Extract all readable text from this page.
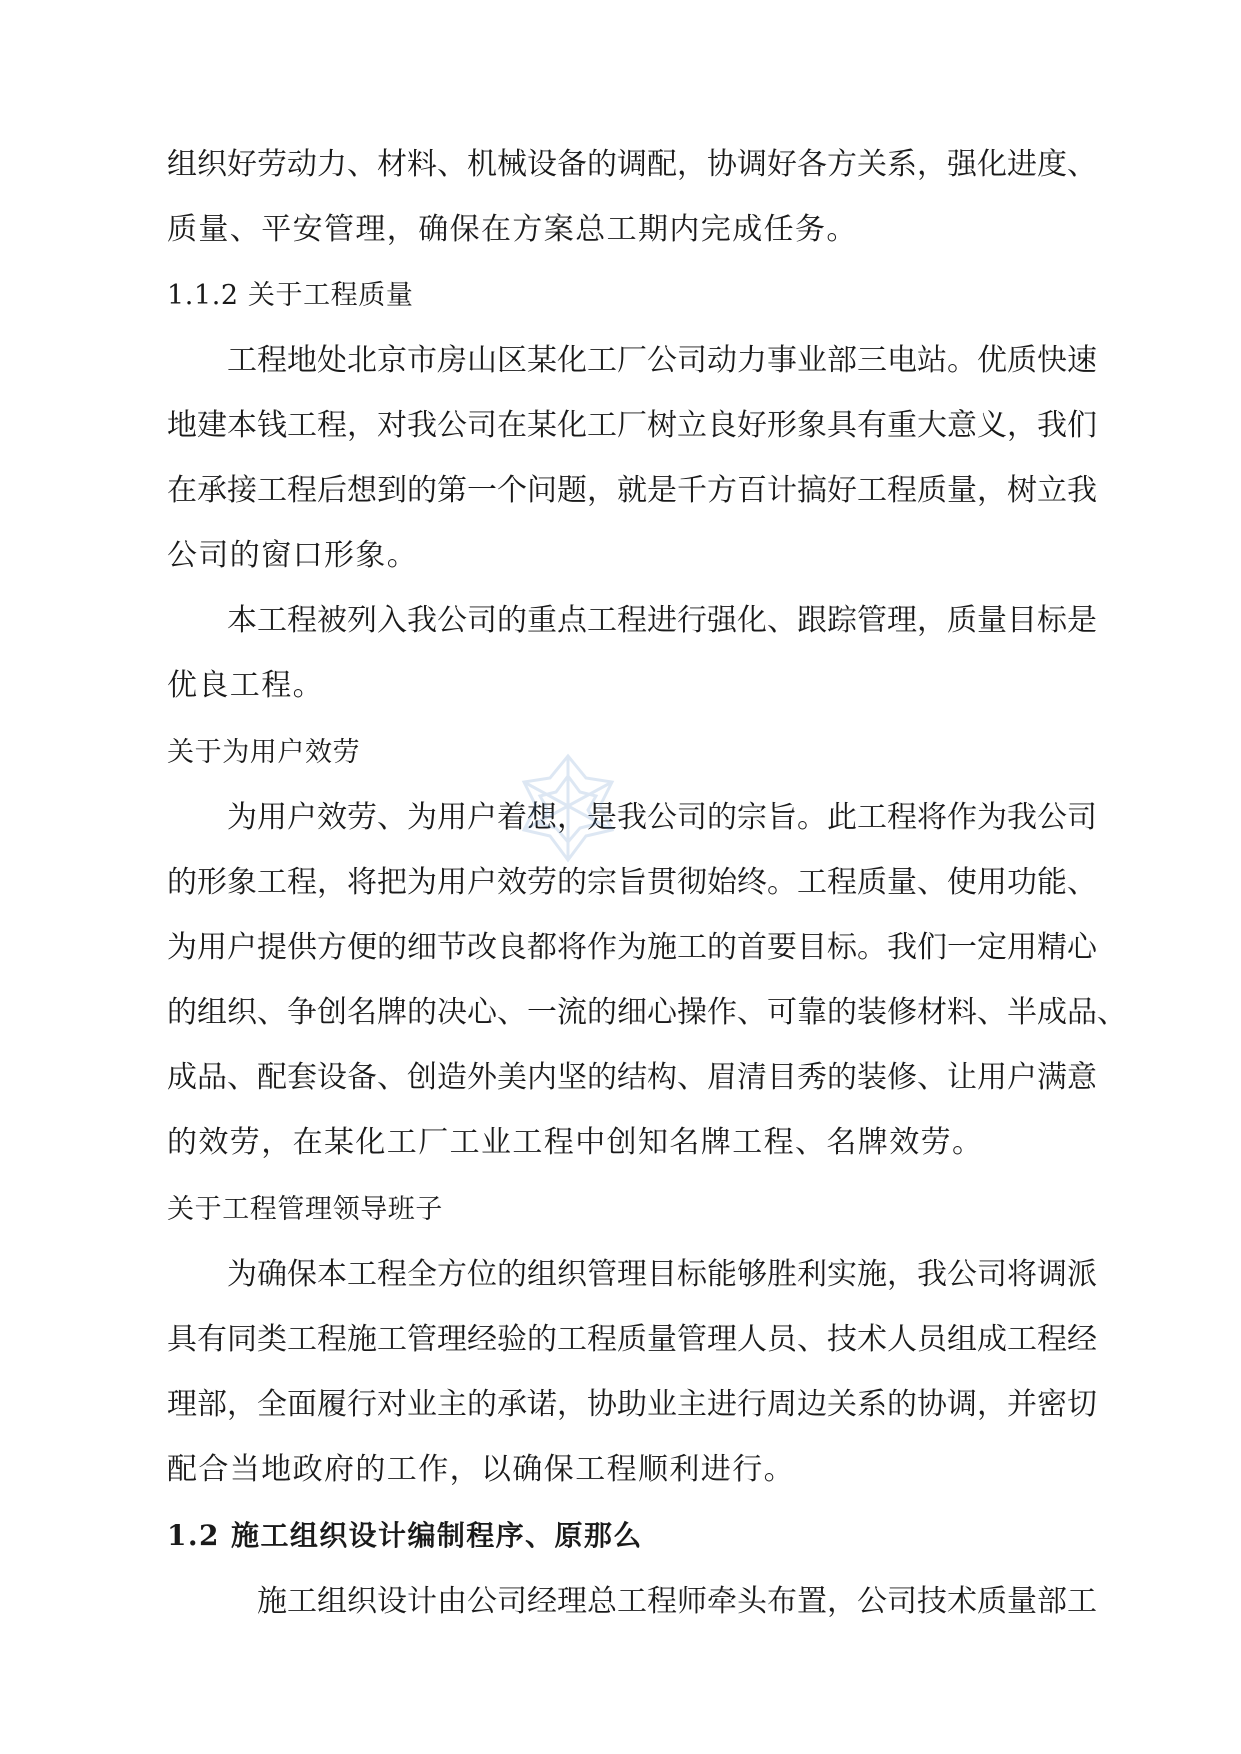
组织好劳动力、材料、机械设备的调配，协调好各方关系，强化进度、
质量、平安管理，确保在方案总工期内完成任务。
1.1.2 关于工程质量
工程地处北京市房山区某化工厂公司动力事业部三电站。优质快速
地建本钱工程，对我公司在某化工厂树立良好形象具有重大意义，我们
在承接工程后想到的第一个问题，就是千方百计搞好工程质量，树立我
公司的窗口形象。
本工程被列入我公司的重点工程进行强化、跟踪管理，质量目标是
优良工程。
关于为用户效劳
为用户效劳、为用户着想，是我公司的宗旨。此工程将作为我公司
的形象工程，将把为用户效劳的宗旨贯彻始终。工程质量、使用功能、
为用户提供方便的细节改良都将作为施工的首要目标。我们一定用精心
的组织、争创名牌的决心、一流的细心操作、可靠的装修材料、半成品、
成品、配套设备、创造外美内坚的结构、眉清目秀的装修、让用户满意
的效劳，在某化工厂工业工程中创知名牌工程、名牌效劳。
关于工程管理领导班子
为确保本工程全方位的组织管理目标能够胜利实施，我公司将调派
具有同类工程施工管理经验的工程质量管理人员、技术人员组成工程经
理部，全面履行对业主的承诺，协助业主进行周边关系的协调，并密切
配合当地政府的工作，以确保工程顺利进行。
1.2 施工组织设计编制程序、原那么
施工组织设计由公司经理总工程师牵头布置，公司技术质量部工
